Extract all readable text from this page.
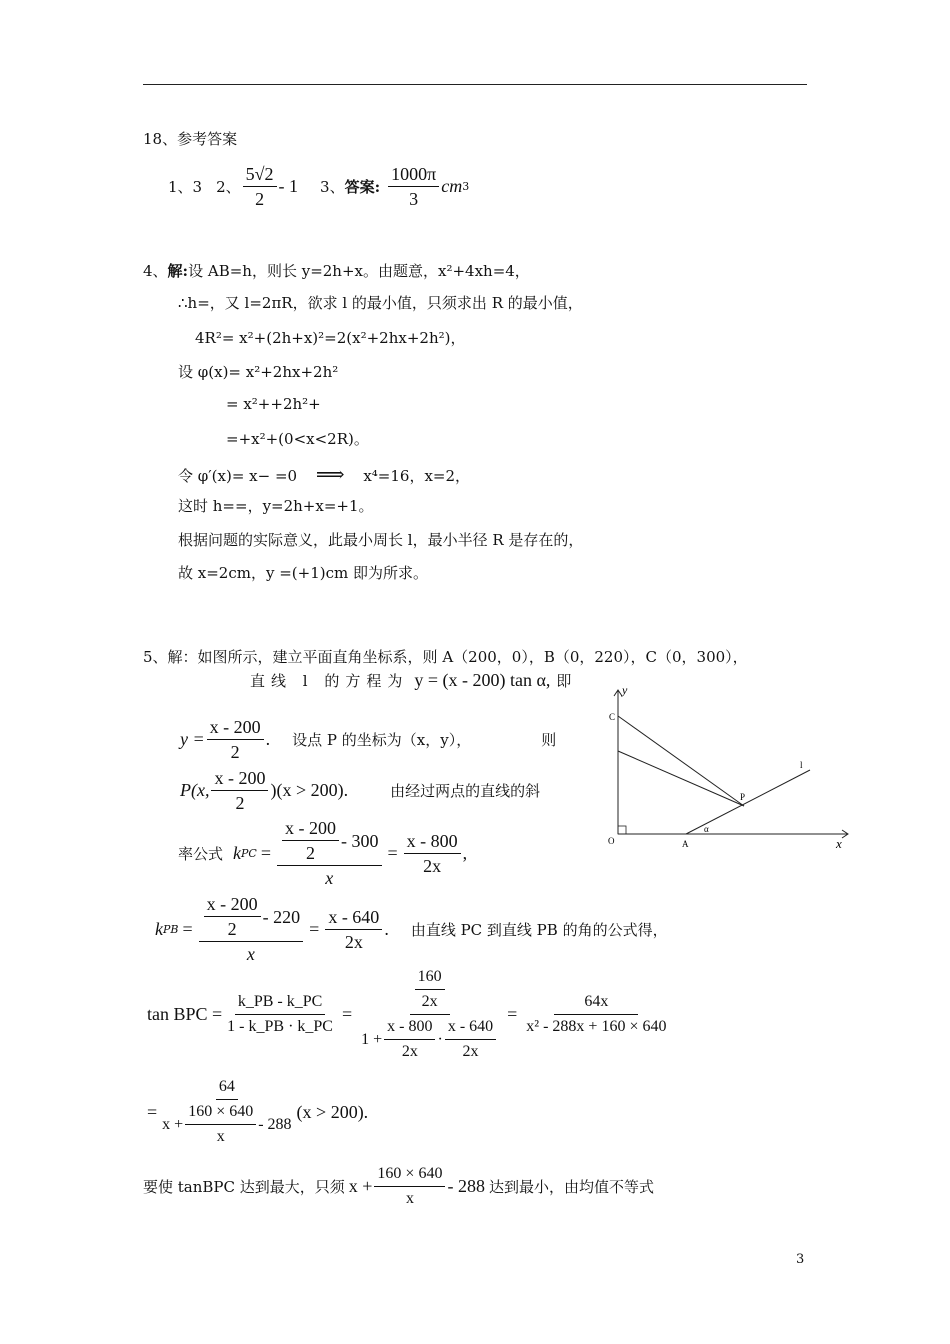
18、参考答案
1、3 2、 $\frac{5√2}{2} - 1$ 3、 答案: $\frac{1000\pi}{3}$ cm 3
4、解:设 AB=h，则长 y=2h+x。由题意，x²+4xh=4，
∴h=，又 l=2πR，欲求 l 的最小值，只须求出 R 的最小值，
4R²= x²+(2h+x)²=2(x²+2hx+2h²)，
设 φ(x)= x²+2hx+2h²
= x²++2h²+
=+x²+(0<x<2R)。
令 φ′(x)= x− =0 ⟹ x⁴=16，x=2，
这时 h==，y=2h+x=+1。
根据问题的实际意义，此最小周长 l，最小半径 R 是存在的，
故 x=2cm，y =(+1)cm 即为所求。
5、解：如图所示，建立平面直角坐标系，则 A（200，0），B（0，220），C（0，300），
直线 l 的方程为 y = (x - 200) tan α, 即
$y = \frac{x - 200}{2}$ . 设点 P 的坐标为（x，y），	则
P(x, $\frac{x - 200}{2} )(x > 200)$.	由经过两点的直线的斜
率公式 k PC = $\frac{\frac{x - 200}{2} - 300}{x} = \frac{x - 800}{2x}$ ,
k PB = $\frac{\frac{x - 200}{2} - 220}{x} = \frac{x - 640}{2x}$ . 由直线 PC 到直线 PB 的角的公式得，
tan BPC = $\frac{k\_PB - k\_PC}{1 - k\_PB \cdot k\_PC}$ =	$\frac{160}{2x}$
$1 + \frac{x - 800}{2x} \cdot \frac{x - 640}{2x}$
= $\frac{64x}{\text{x² - 288x + 160 × 640}}$
= $\frac{64}{x + \frac{160 \times 640}{x} - 288} (x > 200)$.
要使 tanBPC 达到最大，只须 $x + \frac{160 \times 640}{x} - 288$ 达到最小，由均值不等式
y
x
O
C
A
P
l
α
3
